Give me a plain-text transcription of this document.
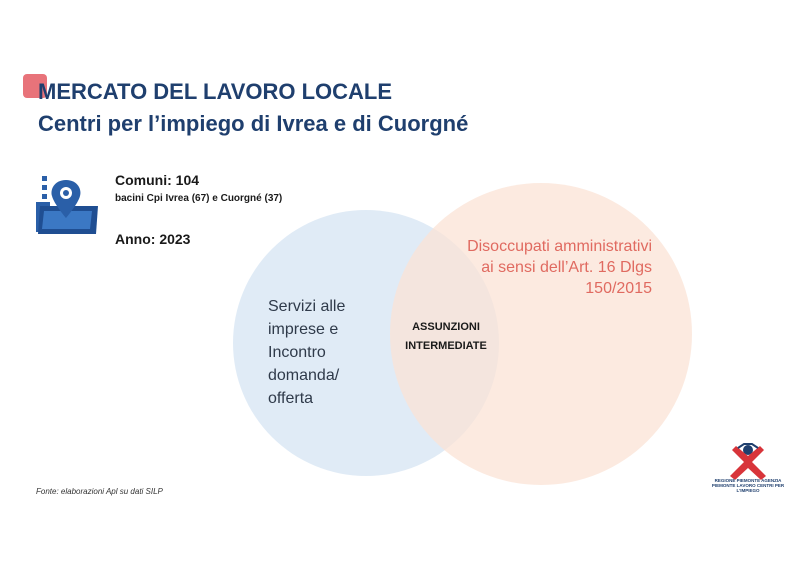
MERCATO DEL LAVORO LOCALE
Centri per l’impiego di Ivrea e di Cuorgné
Comuni: 104
bacini Cpi Ivrea (67) e Cuorgné (37)
Anno: 2023
Servizi alle imprese e Incontro domanda/ offerta
Disoccupati amministrativi ai sensi dell’Art. 16 Dlgs 150/2015
ASSUNZIONI INTERMEDIATE
Fonte: elaborazioni Apl su dati SILP
REGIONE PIEMONTE AGENZIA PIEMONTE LAVORO CENTRI PER L'IMPIEGO
